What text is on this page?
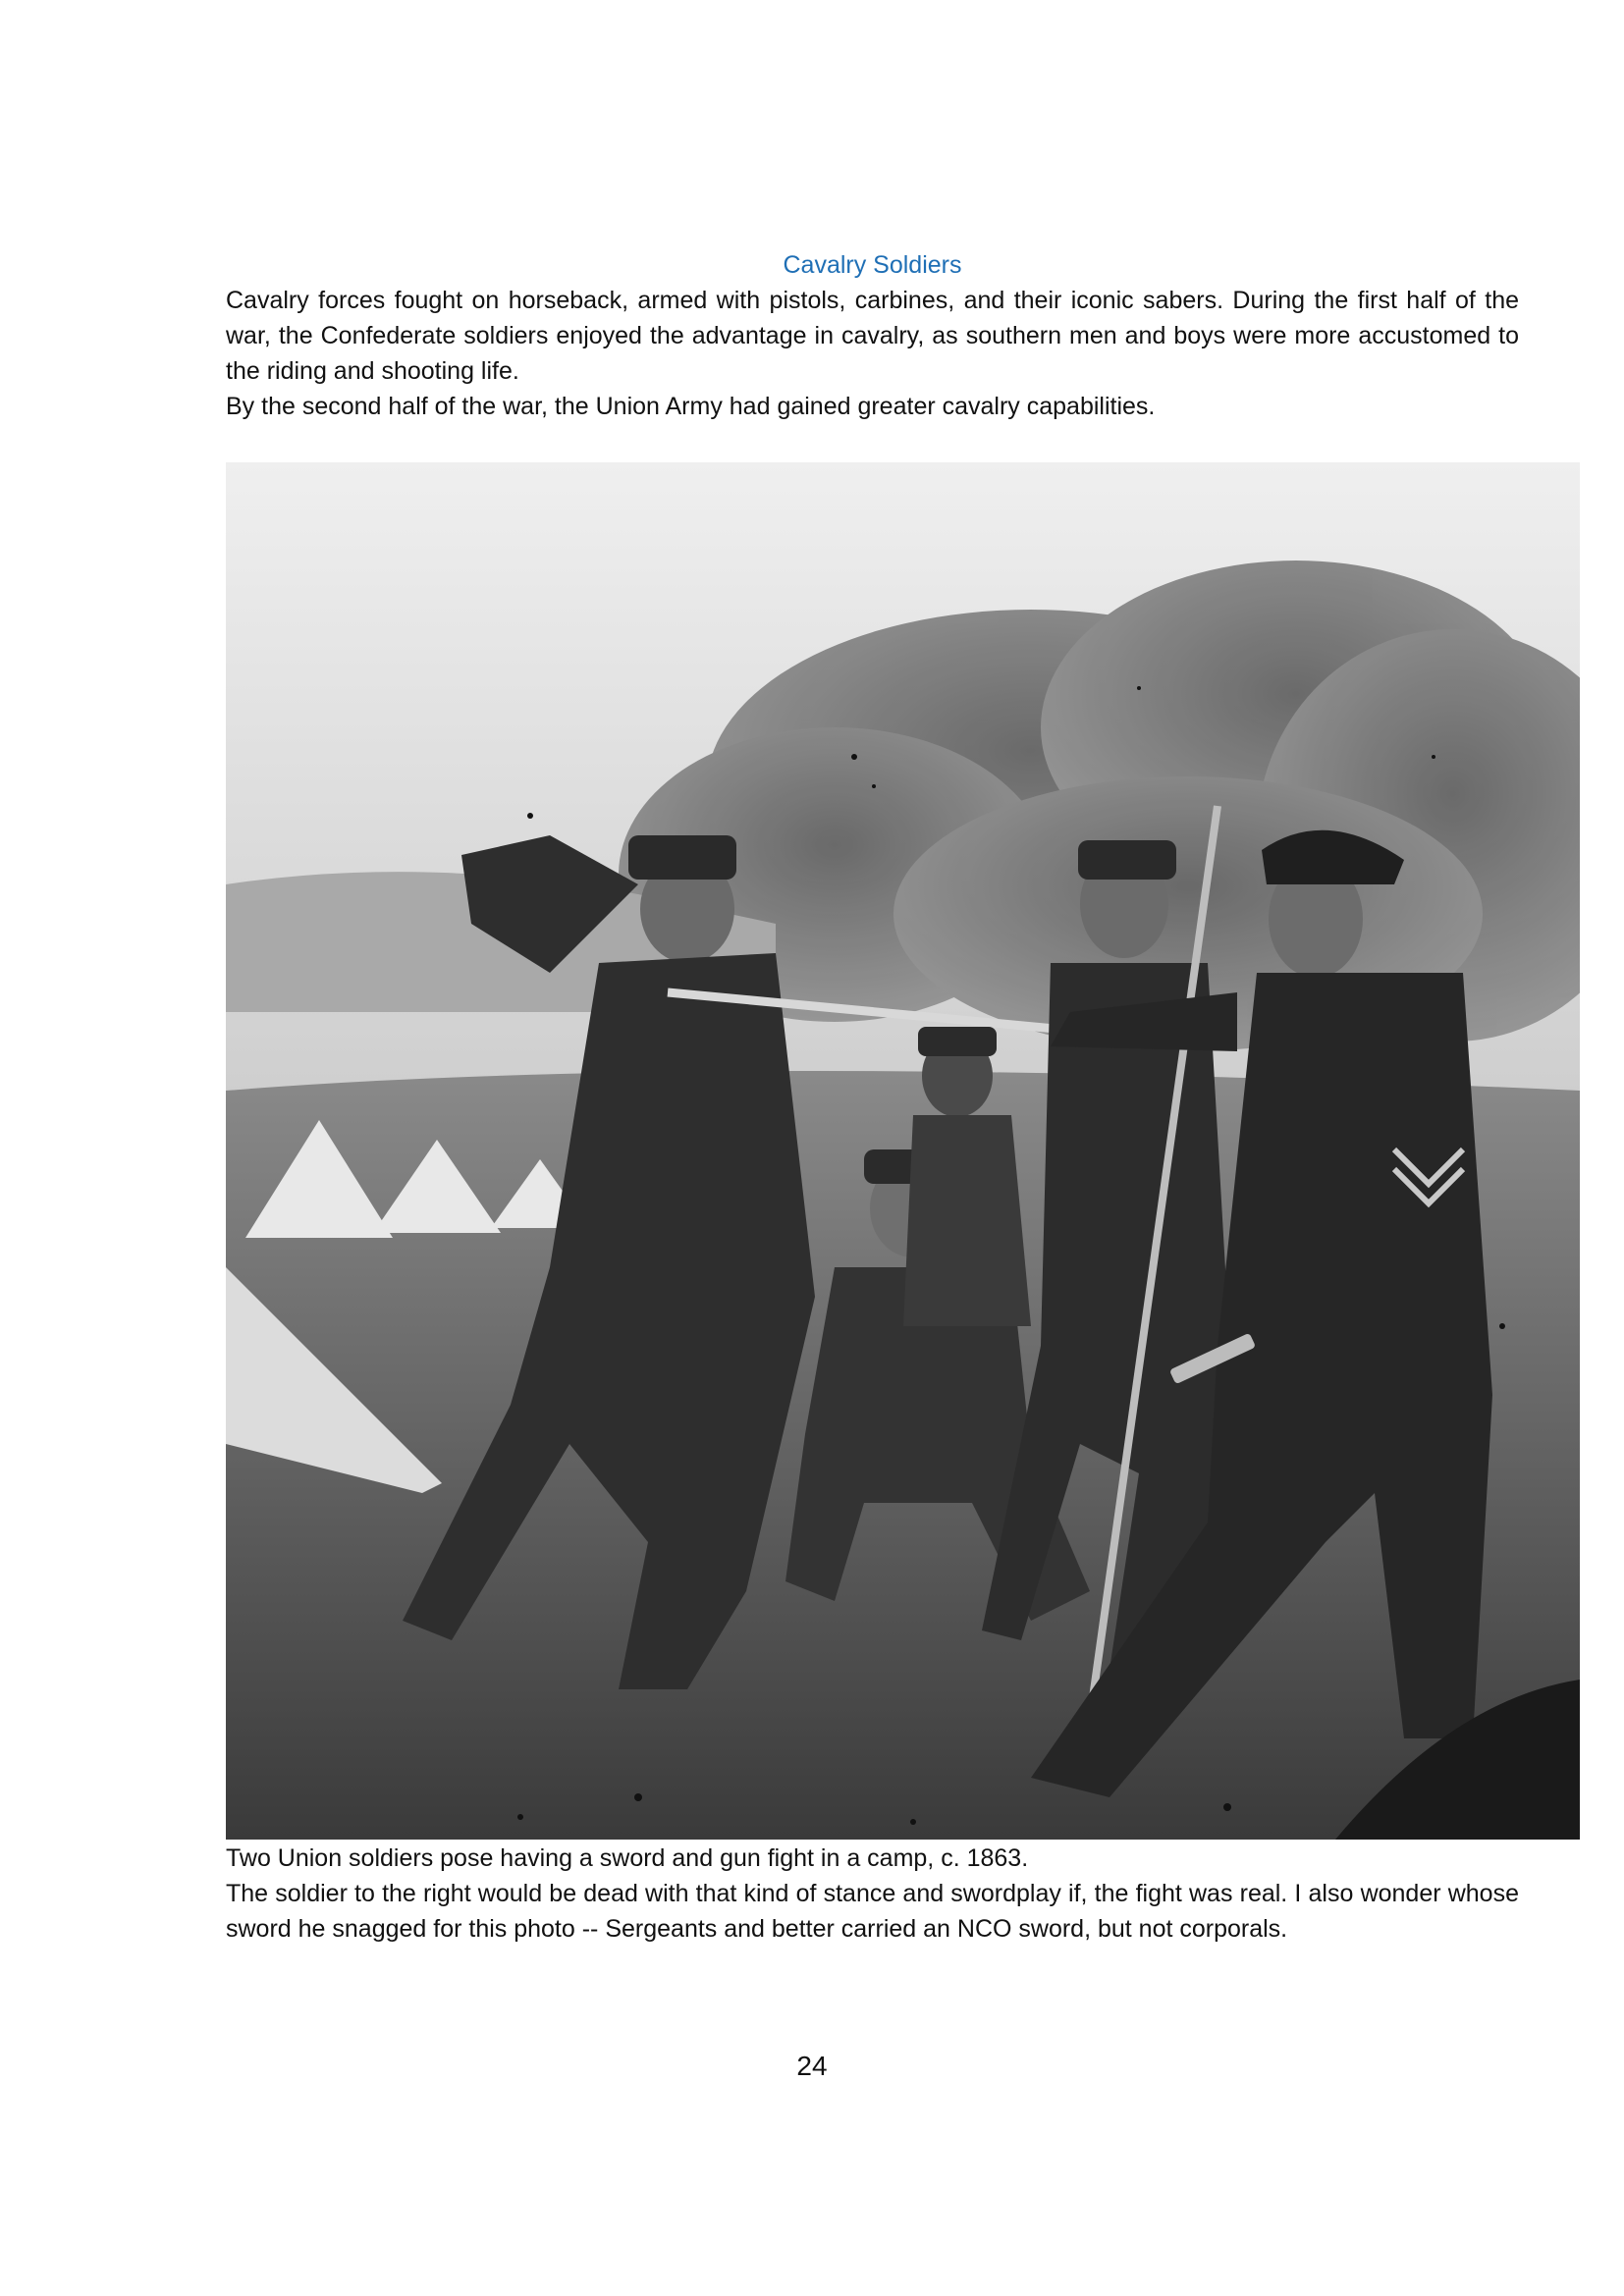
Cavalry Soldiers

Cavalry forces fought on horseback, armed with pistols, carbines, and their iconic sabers. During the first half of the war, the Confederate soldiers enjoyed the advantage in cavalry, as southern men and boys were more accustomed to the riding and shooting life.

By the second half of the war, the Union Army had gained greater cavalry capabilities.

Two Union soldiers pose having a sword and gun fight in a camp, c. 1863.

The soldier to the right would be dead with that kind of stance and swordplay if, the fight was real. I also wonder whose sword he snagged for this photo -- Sergeants and better carried an NCO sword, but not corporals.

24
